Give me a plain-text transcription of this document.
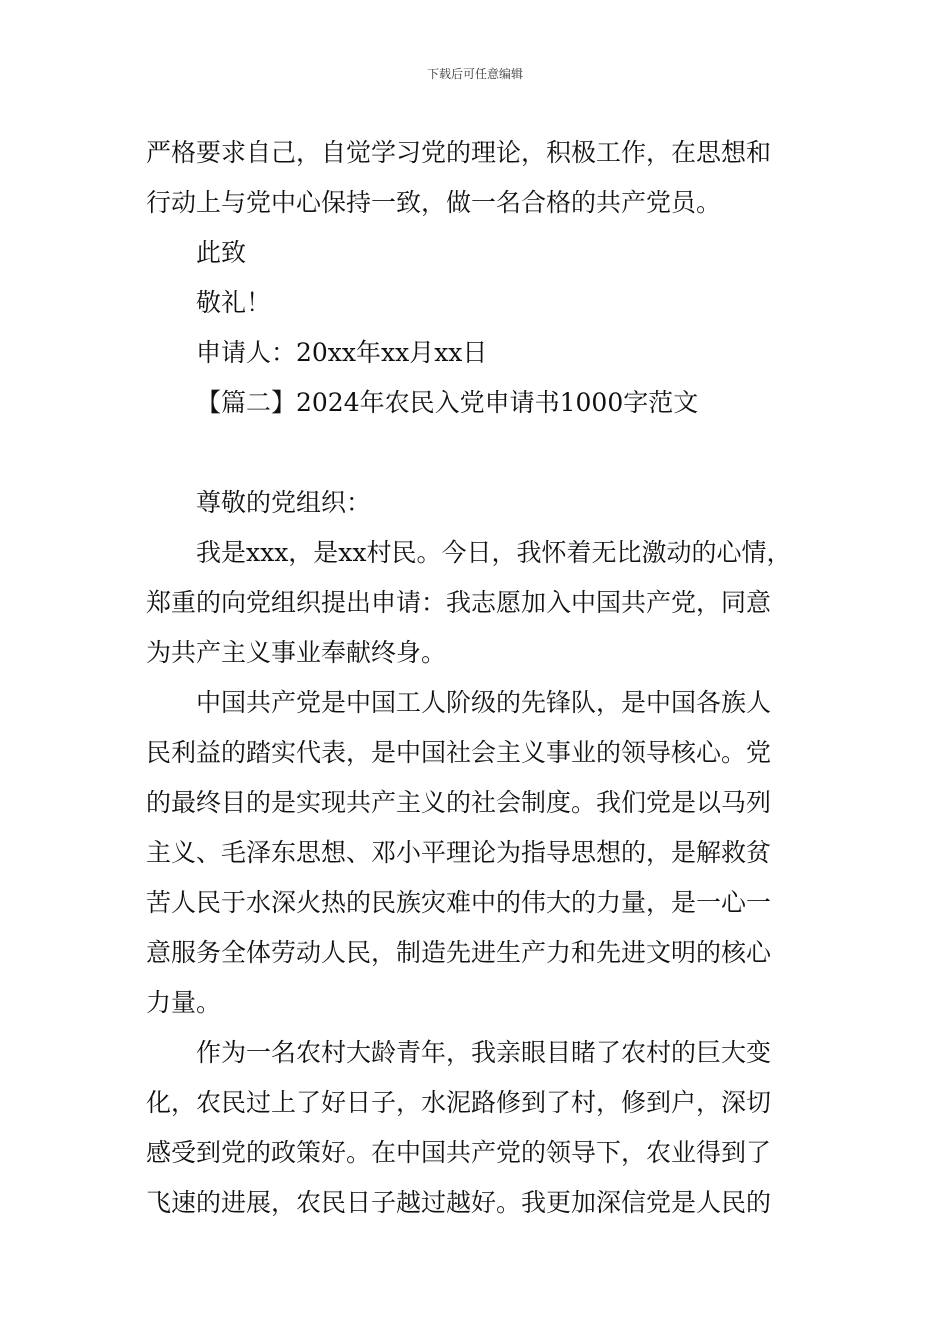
下载后可任意编辑
严格要求自己，自觉学习党的理论，积极工作，在思想和
行动上与党中心保持一致，做一名合格的共产党员。
此致
敬礼！
申请人：20xx年xx月xx日
【篇二】2024年农民入党申请书1000字范文
尊敬的党组织：
我是xxx，是xx村民。今日，我怀着无比激动的心情，
郑重的向党组织提出申请：我志愿加入中国共产党，同意
为共产主义事业奉献终身。
中国共产党是中国工人阶级的先锋队，是中国各族人
民利益的踏实代表，是中国社会主义事业的领导核心。党
的最终目的是实现共产主义的社会制度。我们党是以马列
主义、毛泽东思想、邓小平理论为指导思想的，是解救贫
苦人民于水深火热的民族灾难中的伟大的力量，是一心一
意服务全体劳动人民，制造先进生产力和先进文明的核心
力量。
作为一名农村大龄青年，我亲眼目睹了农村的巨大变
化，农民过上了好日子，水泥路修到了村，修到户，深切
感受到党的政策好。在中国共产党的领导下，农业得到了
飞速的进展，农民日子越过越好。我更加深信党是人民的
